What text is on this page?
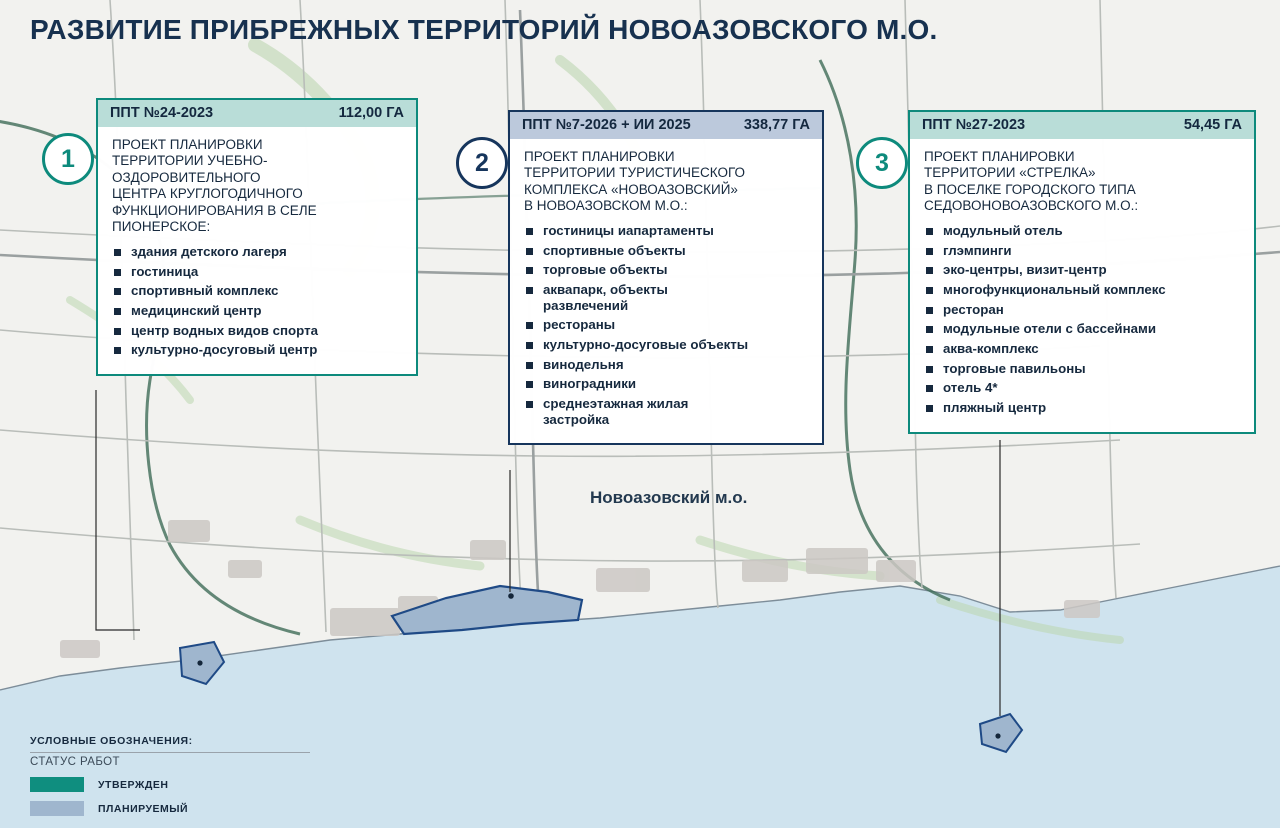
РАЗВИТИЕ ПРИБРЕЖНЫХ ТЕРРИТОРИЙ НОВОАЗОВСКОГО М.О.
Новоазовский м.о.
1	2	3
ППТ №24-2023	112,00 ГА
ПРОЕКТ ПЛАНИРОВКИ
ТЕРРИТОРИИ УЧЕБНО-
ОЗДОРОВИТЕЛЬНОГО
ЦЕНТРА КРУГЛОГОДИЧНОГО
ФУНКЦИОНИРОВАНИЯ В СЕЛЕ
ПИОНЕРСКОЕ:
здания детского лагеря
гостиница
спортивный комплекс
медицинский центр
центр водных видов спорта
культурно-досуговый центр
ППТ №7-2026 + ИИ 2025	338,77 ГА
ПРОЕКТ ПЛАНИРОВКИ
ТЕРРИТОРИИ ТУРИСТИЧЕСКОГО
КОМПЛЕКСА «НОВОАЗОВСКИЙ»
В НОВОАЗОВСКОМ М.О.:
гостиницы иапартаменты
спортивные объекты
торговые объекты
аквапарк, объекты
развлечений
рестораны
культурно-досуговые объекты
винодельня
виноградники
среднеэтажная жилая
застройка
ППТ №27-2023	54,45 ГА
ПРОЕКТ ПЛАНИРОВКИ
ТЕРРИТОРИИ «СТРЕЛКА»
В ПОСЕЛКЕ ГОРОДСКОГО ТИПА
СЕДОВОНОВОАЗОВСКОГО М.О.:
модульный отель
глэмпинги
эко-центры, визит-центр
многофункциональный комплекс
ресторан
модульные отели с бассейнами
аква-комплекс
торговые павильоны
отель 4*
пляжный центр
УСЛОВНЫЕ ОБОЗНАЧЕНИЯ:
СТАТУС РАБОТ
УТВЕРЖДЕН
ПЛАНИРУЕМЫЙ
